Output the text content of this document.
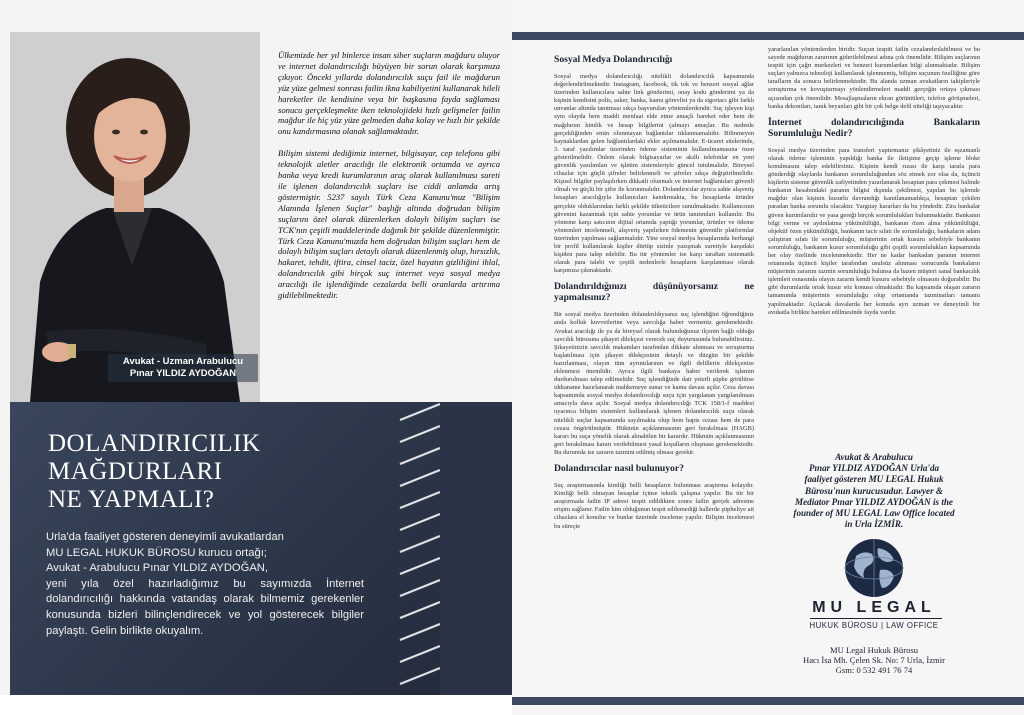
Avukat - Uzman Arabulucu
Pınar YILDIZ AYDOĞAN

Ülkemizde her yıl binlerce insan siber suçların mağduru oluyor ve internet dolandırıcılığı büyüyen bir sorun olarak karşımıza çıkıyor. Önceki yıllarda dolandırıcılık suçu fail ile mağdurun yüz yüze gelmesi sonrası failin ikna kabiliyetini kullanarak hileli hareketler ile kendisine veya bir başkasına fayda sağlaması sonucu gerçekleşmekte iken teknolojideki hızlı gelişmeler failin mağdur ile hiç yüz yüze gelmeden daha kolay ve hızlı bir şekilde onu kandırmasına olanak sağlamaktadır.

Bilişim sistemi dediğimiz internet, bilgisayar, cep telefonu gibi teknolojik aletler aracılığı ile elektronik ortamda ve ayrıca banka veya kredi kurumlarının araç olarak kullanılması sureti ile işlenen dolandırıcılık suçları ise ciddi anlamda artış göstermiştir. 5237 sayılı Türk Ceza Kanunu'muz "Bilişim Alanında İşlenen Suçlar" başlığı altında doğrudan bilişim suçlarını özel olarak düzenlerken dolaylı bilişim suçları ise TCK'nın çeşitli maddelerinde dağınık bir şekilde düzenlenmiştir. Türk Ceza Kanunu'muzda hem doğrudan bilişim suçları hem de dolaylı bilişim suçları detaylı olarak düzenlenmiş olup, hırsızlık, hakaret, tehdit, iftira, cinsel taciz, özel hayatın gizliliğini ihlal, dolandırıcılık gibi birçok suç internet veya sosyal medya aracılığı ile işlendiğinde cezalarda belli oranlarda artırıma gidilebilmektedir.

DOLANDIRICILIK
MAĞDURLARI
NE YAPMALI?
Urla'da faaliyet gösteren deneyimli avukatlardan
MU LEGAL HUKUK BÜROSU kurucu ortağı;
Avukat - Arabulucu Pınar YILDIZ AYDOĞAN,
yeni yıla özel hazırladığımız bu sayımızda İnternet dolandırıcılığı hakkında vatandaş olarak bilmemiz gerekenler konusunda bizleri bilinçlendirecek ve yol gösterecek bilgiler paylaştı. Gelin birlikte okuyalım.
Sosyal Medya Dolandırıcılığı
Sosyal medya dolandırıcılığı nitelikli dolandırıcılık kapsamında değerlendirilmektedir. Instagram, facebook, tik tok ve benzeri sosyal ağlar üzerinden kullanıcılara sahte link gönderimi, onay kodu gönderimi ya da kişinin kendisini polis, asker, banka, kamu görevlisi ya da sigortacı gibi farklı unvanlar altında tanıtması sıkça başvurulan yöntemlerdendir. Suç işleyen kişi aynı olayda hem maddi menfaat elde etme amaçlı hareket eder hem de mağdurun kimlik ve hesap bilgilerini çalmayı amaçlar. Bu nedenle gerçekliğinden emin olunmayan bağlantılar tıklanmamalıdır. Bilinmeyen kaynaklardan gelen bağlantılardaki ekler açılmamalıdır. E-ticaret sitelerinde, 3. taraf yazılımlar üzerinden ödeme sisteminin kullanılmamasına özen gösterilmelidir. Önlem olarak bilgisayarlar ve akıllı telefonlar en yeni güvenlik yazılımları ve işletim sistemleriyle güncel tutulmalıdır. Bireysel cihazlar için güçlü şifreler belirlenmeli ve şifreler sıkça değiştirilmelidir. Kişisel bilgiler paylaşılırken dikkatli olunmalı ve internet bağlantıları güvenli olmalı ve güçlü bir şifre ile korunmalıdır. Dolandırıcılar ayrıca sahte alışveriş hesapları aracılığıyla kullanıcıları kandırmakta, bu hesaplarda ürünler gerçekte olduklarından farklı şekilde tüketicilere sunulmaktadır. Kullanıcının güvenini kazanmak için sahte yorumlar ve ürün tanıtımları kullanılır. Bu yönteme karşı satıcının dijital ortamda yaptığı yorumlar, ürünler ve ödeme yöntemleri incelenmeli, alışveriş yapılırken ödemenin güvenilir platformlar üzerinden yapılması sağlanmalıdır. Yine sosyal medya hesaplarında herhangi bir profil kullanılarak kişiler dürtüp sizinle yazışmak suretiyle karşıdaki kişiden para talep edebilir. Bu tür yöntemler ise karşı taraftan sistematik olarak para talebi ve çeşitli nedenlerle hesapların karşılanması olarak karşımıza çıkmaktadır.
Dolandırıldığınızı düşünüyorsanız ne yapmalısınız?
Bir sosyal medya üzerinden dolandırıldıysanız suç işlendiğini öğrendiğiniz anda kolluk kuvvetlerine veya savcılığa haber vermeniz gerekmektedir. Avukat aracılığı ile ya da bireysel olarak bulunduğunuz ilçenin bağlı olduğu savcılık bürosuna şikayet dilekçesi verecek suç duyurusunda bulunabilirsiniz. Şikayetinizin savcılık makamları tarafından dikkate alınması ve soruşturma başlatılması için şikayet dilekçesinin detaylı ve düzgün bir şekilde hazırlanması, olayın tüm ayrıntılarının ve ilgili delillerin dilekçenize eklenmesi önemlidir. Ayrıca ilgili bankaya haber verilerek işlemin durdurulması talep edilmelidir. Suç işlendiğinde dair yeterli şüphe görülürse iddianame hazırlanarak mahkemeye sunar ve kamu davası açılır. Ceza davası kapsamında sosyal medya dolandırıcılığı suçu için yargılanan yargılanılması amacıyla dava açılır. Sosyal medya dolandırıcılığı TCK 158/1-f maddesi uyarınca bilişim sistemleri kullanılarak işlenen dolandırıcılık suçu olarak nitelikli suçlar kapsamında sayılmakta olup hem hapis cezası hem de para cezası öngörülmüştür. Hükmün açıklanmasının geri bırakılması (HAGB) kararı bu suça yönelik olarak alınabilen bir karardır. Hükmün açıklanmasının geri bırakılması kararı verilebilmesi yasal koşulların oluşması gerekmektedir. Bu durumda ise zararın tazmini edilmiş olması gerekir.
Dolandırıcılar nasıl bulunuyor?
Suç araştırmasında kimliği belli hesapların bulunması araştırma kolaydır. Kimliği belli olmayan hesaplar içinse teknik çalışma yapılır. Bu tür bir araştırmada failin IP adresi tespit edildikten sonra failin gerçek adresine erişim sağlanır. Failin kim olduğunun tespit edilemediği hallerde şüpheliye ait cihazlara el konulur ve bunlar üzerinde inceleme yapılır. Bilişim incelemesi bu süreçte
yararlanılan yöntemlerden biridir. Suçun tespiti failin cezalandırılabilmesi ve bu sayede mağdurun zararının giderilebilmesi adına çok önemlidir. Bilişim suçlarının tespiti için çağrı merkezleri ve benzeri kurumlardan bilgi alınmaktadır. Bilişim suçları yalnızca teknoloji kullanılarak işlenmemiş, bilişim suçunun özelliğine göre tarafların da sonucu belirlenmektedir. Bu alanda uzman avukatların takipleriyle soruşturma ve kovuşturmayı yönlendirmeleri maddi gerçeğin ortaya çıkması açısından çok önemlidir. Mesajlaşmaların ekran görüntüleri, telefon görüşmeleri, banka dekontları, tanık beyanları gibi bir çok belge delil niteliği taşıyacaktır.
İnternet dolandırıcılığında Bankaların Sorumluluğu Nedir?
Sosyal medya üzerinden para transferi yaptırmanız şikâyetiniz ile eşzamanlı olarak ödeme işleminin yapıldığı banka ile iletişime geçip işleme bloke konulmasını talep edebilirsiniz. Kişinin kendi rızası ile karşı tarafa para gönderdiği olaylarda bankanın sorumluluğundan söz etmek zor olsa da, üçüncü kişilerin sisteme güvenlik zafiyetinden yararlanarak hesaptan para çekmesi halinde bankanın hesabındaki paranın bilgisi dışında çekilmesi, yapılan bu işlemde mağdur olan kişinin kusurlu davrandığı kanıtlanamadıkça, hesaptan çekilen paradan banka sorumlu olacaktır. Yargıtay kararları da bu yöndedir. Zira bankalar güven kurumlarıdır ve yasa gereği birçok sorumlulukları bulunmaktadır. Bankanın bilgi verme ve aydınlatma yükümlülüğü, bankanın özen alma yükümlülüğü, objektif özen yükümlülüğü, bankanın tacir sıfatı ile sorumluluğu, bankaların adam çalıştıran sıfatı ile sorumluluğu, müşterinin ortak kusuru sebebiyle bankanın sorumluluğu, bankanın kusur sorumluluğu gibi çeşitli sorumlulukları kapsamında her olay özelinde incelenmektedir. Her ne kadar bankadan paranın internet ortamında üçüncü kişiler tarafından usulsüz alınması sonucunda bankaların müşterinin zararını tazmin sorumluluğu bulunsa da bazen müşteri sanal bankacılık işlemleri esnasında olayın zararın kendi kusuru sebebiyle olmasını doğurabilir. Bu gibi durumlarda ortak kusur söz konusu olmaktadır. Bu kapsamda olaşan zararın tamamında müşterinin sorumluluğu olup ortamanda tazminatları tamamı yapılmaktadır. Açılacak davalarda her konuda ayrı uzman ve deneyimli bir avukatla birlikte hareket edilmesinde fayda vardır.
Avukat & Arabulucu
Pınar YILDIZ AYDOĞAN Urla'da
faaliyet gösteren MU LEGAL Hukuk
Bürosu'nun kurucusudur. Lawyer &
Mediator Pınar YILDIZ AYDOĞAN is the
founder of MU LEGAL Law Office located
in Urla İZMİR.
MU LEGAL
HUKUK BÜROSU | LAW OFFICE
MU Legal Hukuk Bürosu
Hacı İsa Mh. Çelen Sk. No: 7 Urla, İzmir
Gsm: 0 532 491 76 74
